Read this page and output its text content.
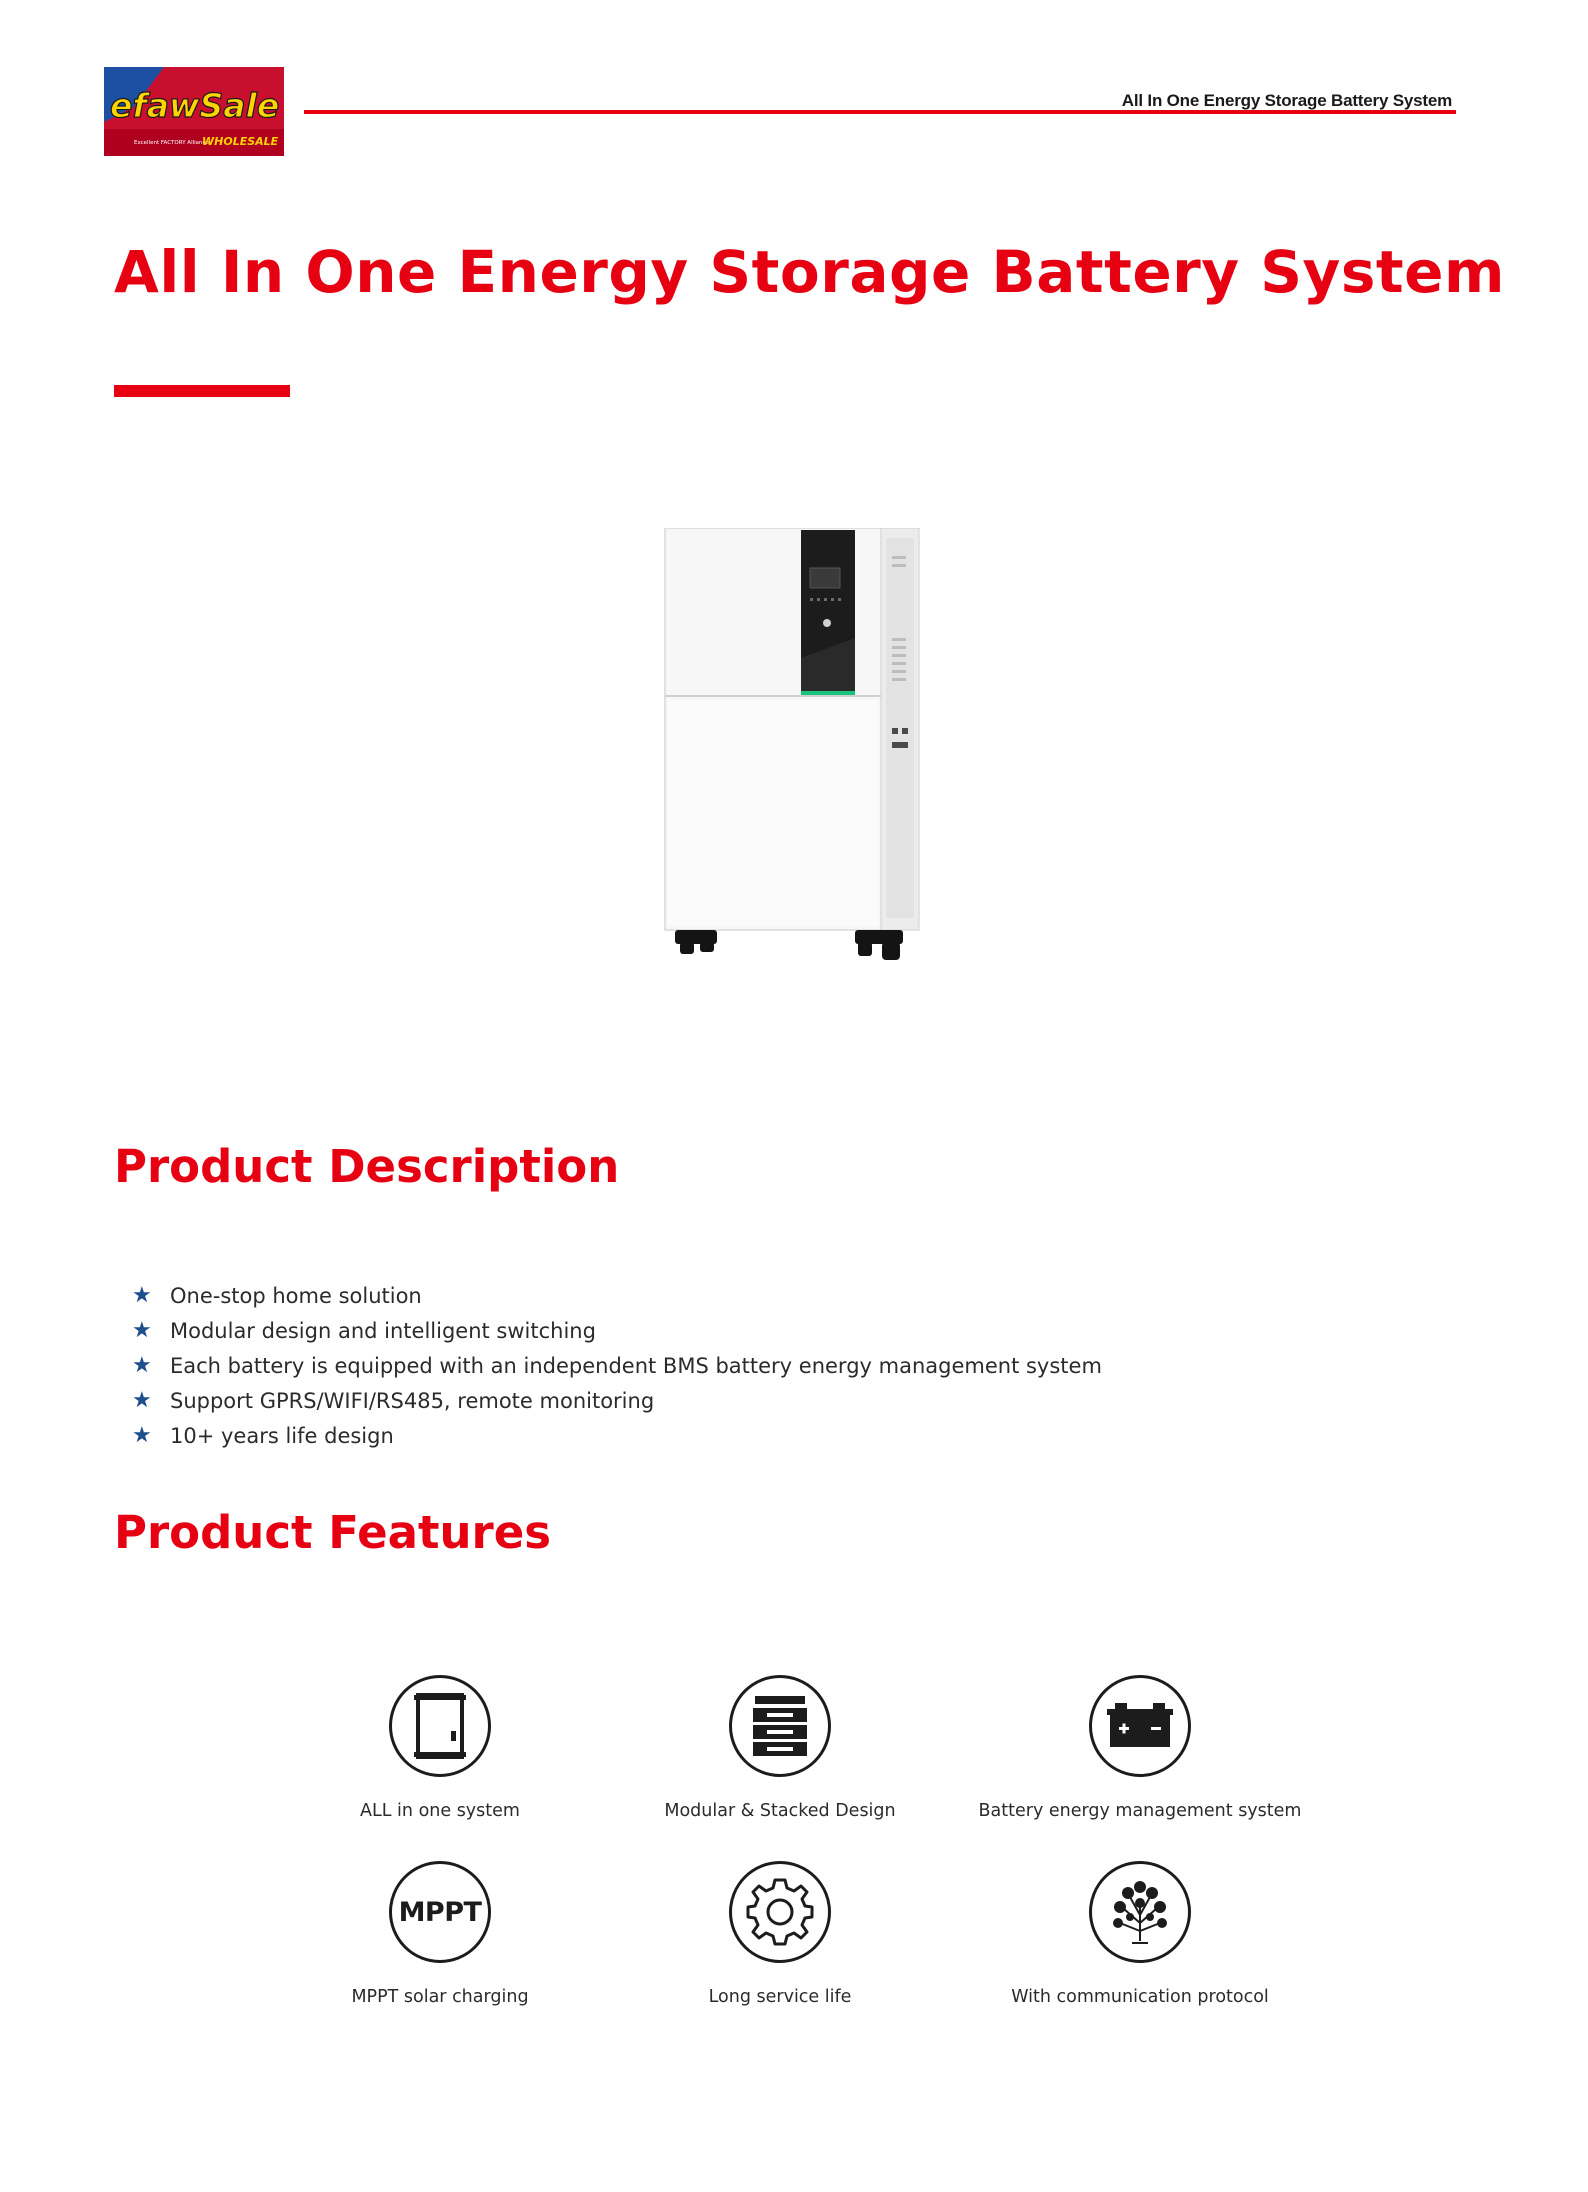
efawSale
Excellent FACTORY Alliance
WHOLESALE
All In One Energy Storage Battery System
All In One Energy Storage Battery System
Product Description
★ One-stop home solution
★ Modular design and intelligent switching
★ Each battery is equipped with an independent BMS battery energy management system
★ Support GPRS/WIFI/RS485, remote monitoring
★ 10+ years life design
Product Features
ALL in one system	Modular & Stacked Design	Battery energy management system
MPPT
MPPT solar charging	Long service life	With communication protocol
